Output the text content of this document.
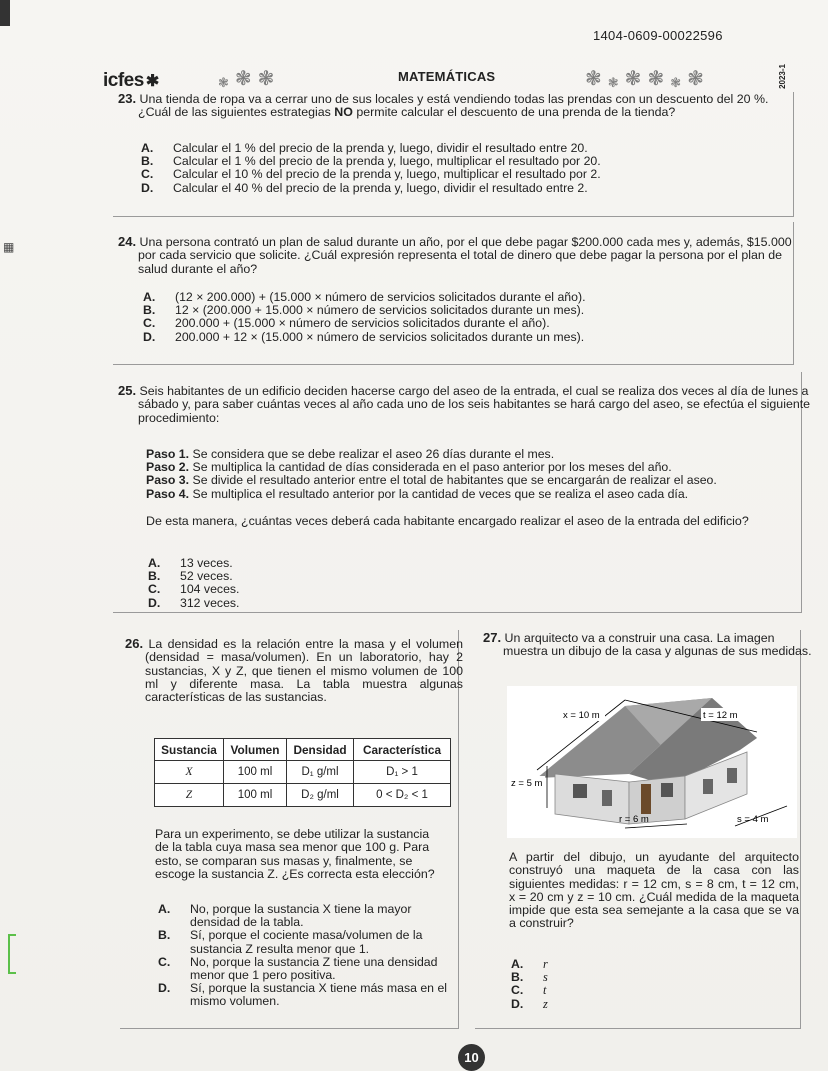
▦
1404-0609-00022596
icfes ✱	❃ ❃ ❃	MATEMÁTICAS	❃ ❃ ❃ ❃ ❃ ❃	2023-1
23. Una tienda de ropa va a cerrar uno de sus locales y está vendiendo todas las prendas con un descuento del 20 %. ¿Cuál de las siguientes estrategias NO permite calcular el descuento de una prenda de la tienda?
A.	Calcular el 1 % del precio de la prenda y, luego, dividir el resultado entre 20.
B.	Calcular el 1 % del precio de la prenda y, luego, multiplicar el resultado por 20.
C.	Calcular el 10 % del precio de la prenda y, luego, multiplicar el resultado por 2.
D.	Calcular el 40 % del precio de la prenda y, luego, dividir el resultado entre 2.
24. Una persona contrató un plan de salud durante un año, por el que debe pagar $200.000 cada mes y, además, $15.000 por cada servicio que solicite. ¿Cuál expresión representa el total de dinero que debe pagar la persona por el plan de salud durante el año?
A.	(12 × 200.000) + (15.000 × número de servicios solicitados durante el año).
B.	12 × (200.000 + 15.000 × número de servicios solicitados durante un mes).
C.	200.000 + (15.000 × número de servicios solicitados durante el año).
D.	200.000 + 12 × (15.000 × número de servicios solicitados durante un mes).
25. Seis habitantes de un edificio deciden hacerse cargo del aseo de la entrada, el cual se realiza dos veces al día de lunes a sábado y, para saber cuántas veces al año cada uno de los seis habitantes se hará cargo del aseo, se efectúa el siguiente procedimiento:
Paso 1. Se considera que se debe realizar el aseo 26 días durante el mes.
Paso 2. Se multiplica la cantidad de días considerada en el paso anterior por los meses del año.
Paso 3. Se divide el resultado anterior entre el total de habitantes que se encargarán de realizar el aseo.
Paso 4. Se multiplica el resultado anterior por la cantidad de veces que se realiza el aseo cada día.
De esta manera, ¿cuántas veces deberá cada habitante encargado realizar el aseo de la entrada del edificio?
A.	13 veces.
B.	52 veces.
C.	104 veces.
D.	312 veces.
26. La densidad es la relación entre la masa y el volumen (densidad = masa/volumen). En un laboratorio, hay 2 sustancias, X y Z, que tienen el mismo volumen de 100 ml y diferente masa. La tabla muestra algunas características de las sustancias.
Sustancia	Volumen	Densidad	Característica
X	100 ml	D₁ g/ml	D₁ > 1
Z	100 ml	D₂ g/ml	0 < D₂ < 1
Para un experimento, se debe utilizar la sustancia de la tabla cuya masa sea menor que 100 g. Para esto, se comparan sus masas y, finalmente, se escoge la sustancia Z. ¿Es correcta esta elección?
A.	No, porque la sustancia X tiene la mayor densidad de la tabla.
B.	Sí, porque el cociente masa/volumen de la sustancia Z resulta menor que 1.
C.	No, porque la sustancia Z tiene una densidad menor que 1 pero positiva.
D.	Sí, porque la sustancia X tiene más masa en el mismo volumen.
27. Un arquitecto va a construir una casa. La imagen muestra un dibujo de la casa y algunas de sus medidas.
x = 10 m	t = 12 m
z = 5 m
r = 6 m	s = 4 m
A partir del dibujo, un ayudante del arquitecto construyó una maqueta de la casa con las siguientes medidas: r = 12 cm, s = 8 cm, t = 12 cm, x = 20 cm y z = 10 cm. ¿Cuál medida de la maqueta impide que esta sea semejante a la casa que se va a construir?
A.	r
B.	s
C.	t
D.	z
10
